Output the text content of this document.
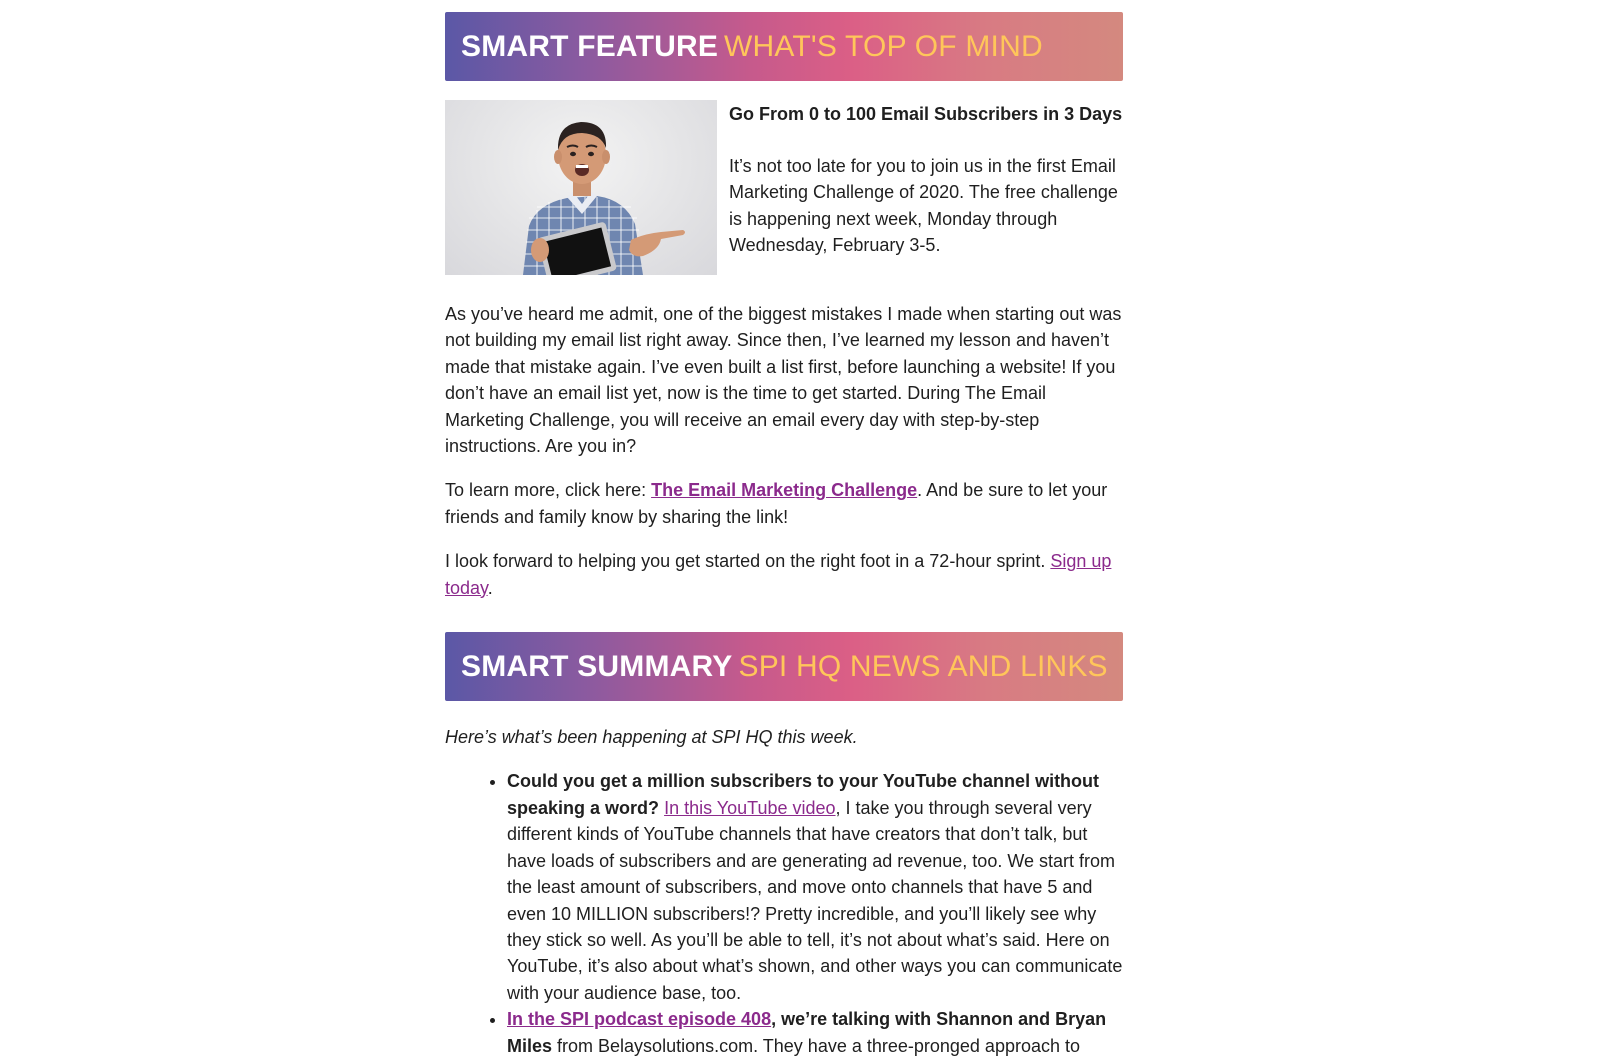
SMART FEATURE WHAT'S TOP OF MIND
Go From 0 to 100 Email Subscribers in 3 Days

It’s not too late for you to join us in the first Email Marketing Challenge of 2020. The free challenge is happening next week, Monday through Wednesday, February 3-5.

As you’ve heard me admit, one of the biggest mistakes I made when starting out was not building my email list right away. Since then, I’ve learned my lesson and haven’t made that mistake again. I’ve even built a list first, before launching a website! If you don’t have an email list yet, now is the time to get started. During The Email Marketing Challenge, you will receive an email every day with step-by-step instructions. Are you in?

To learn more, click here: The Email Marketing Challenge. And be sure to let your friends and family know by sharing the link!

I look forward to helping you get started on the right foot in a 72-hour sprint. Sign up today.

SMART SUMMARY SPI HQ NEWS AND LINKS

Here’s what’s been happening at SPI HQ this week.

• Could you get a million subscribers to your YouTube channel without speaking a word? In this YouTube video, I take you through several very different kinds of YouTube channels that have creators that don’t talk, but have loads of subscribers and are generating ad revenue, too. We start from the least amount of subscribers, and move onto channels that have 5 and even 10 MILLION subscribers!? Pretty incredible, and you’ll likely see why they stick so well. As you’ll be able to tell, it’s not about what’s said. Here on YouTube, it’s also about what’s shown, and other ways you can communicate with your audience base, too.
• In the SPI podcast episode 408, we’re talking with Shannon and Bryan Miles from Belaysolutions.com. They have a three-pronged approach to
